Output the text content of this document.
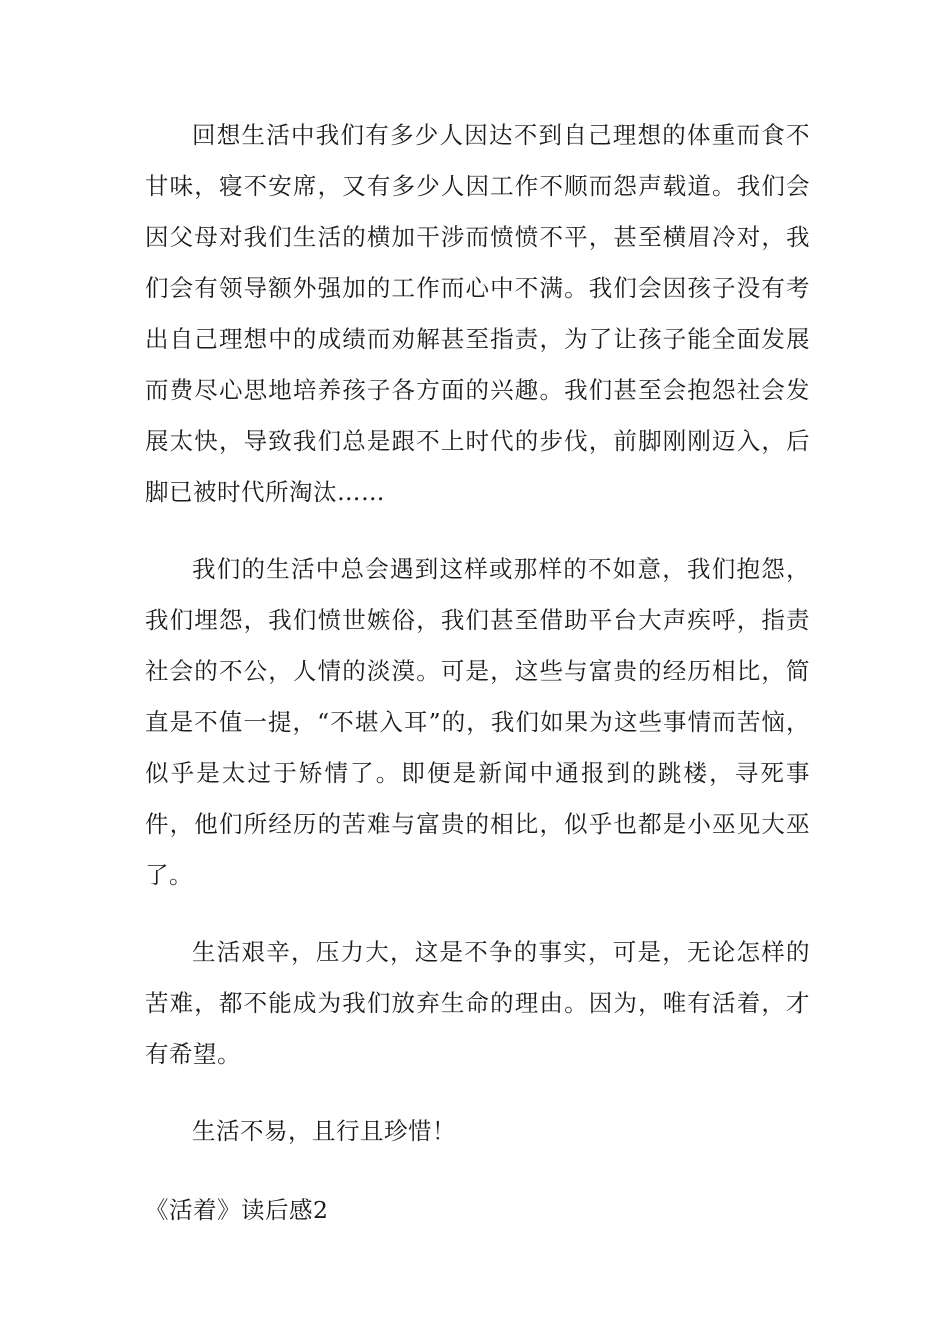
回想生活中我们有多少人因达不到自己理想的体重而食不甘味，寝不安席，又有多少人因工作不顺而怨声载道。我们会因父母对我们生活的横加干涉而愤愤不平，甚至横眉冷对，我们会有领导额外强加的工作而心中不满。我们会因孩子没有考出自己理想中的成绩而劝解甚至指责，为了让孩子能全面发展而费尽心思地培养孩子各方面的兴趣。我们甚至会抱怨社会发展太快，导致我们总是跟不上时代的步伐，前脚刚刚迈入，后脚已被时代所淘汰……

我们的生活中总会遇到这样或那样的不如意，我们抱怨，我们埋怨，我们愤世嫉俗，我们甚至借助平台大声疾呼，指责社会的不公，人情的淡漠。可是，这些与富贵的经历相比，简直是不值一提，“不堪入耳”的，我们如果为这些事情而苦恼，似乎是太过于矫情了。即便是新闻中通报到的跳楼，寻死事件，他们所经历的苦难与富贵的相比，似乎也都是小巫见大巫了。

生活艰辛，压力大，这是不争的事实，可是，无论怎样的苦难，都不能成为我们放弃生命的理由。因为，唯有活着，才有希望。

生活不易，且行且珍惜！

《活着》读后感2
